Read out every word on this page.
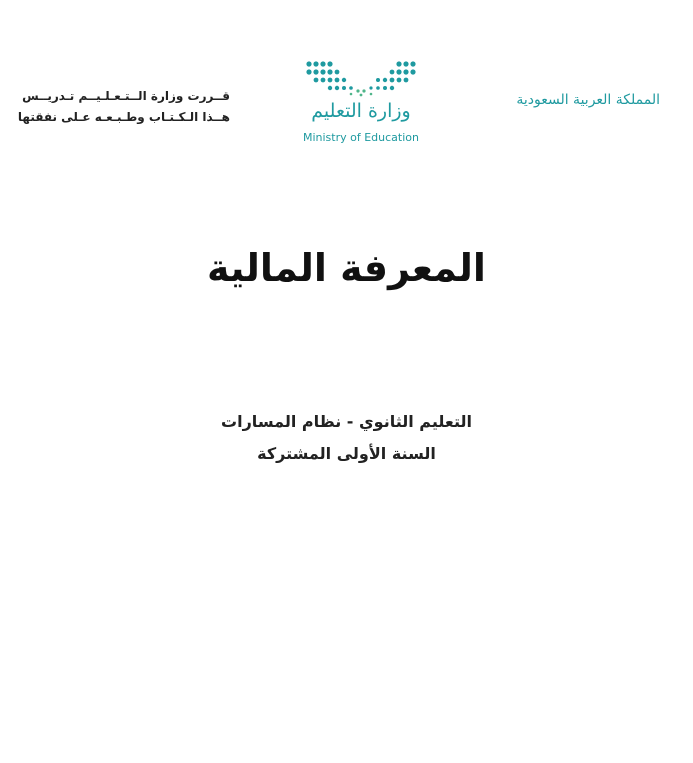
المملكة العربية السعودية
وزارة التعليم
Ministry of Education
قــررت وزارة الــتـعـلـيــم تـدريــس
هــذا الـكـتـاب وطـبـعـه عـلى نفقتها
المعرفة المالية
التعليم الثانوي - نظام المسارات
السنة الأولى المشتركة
